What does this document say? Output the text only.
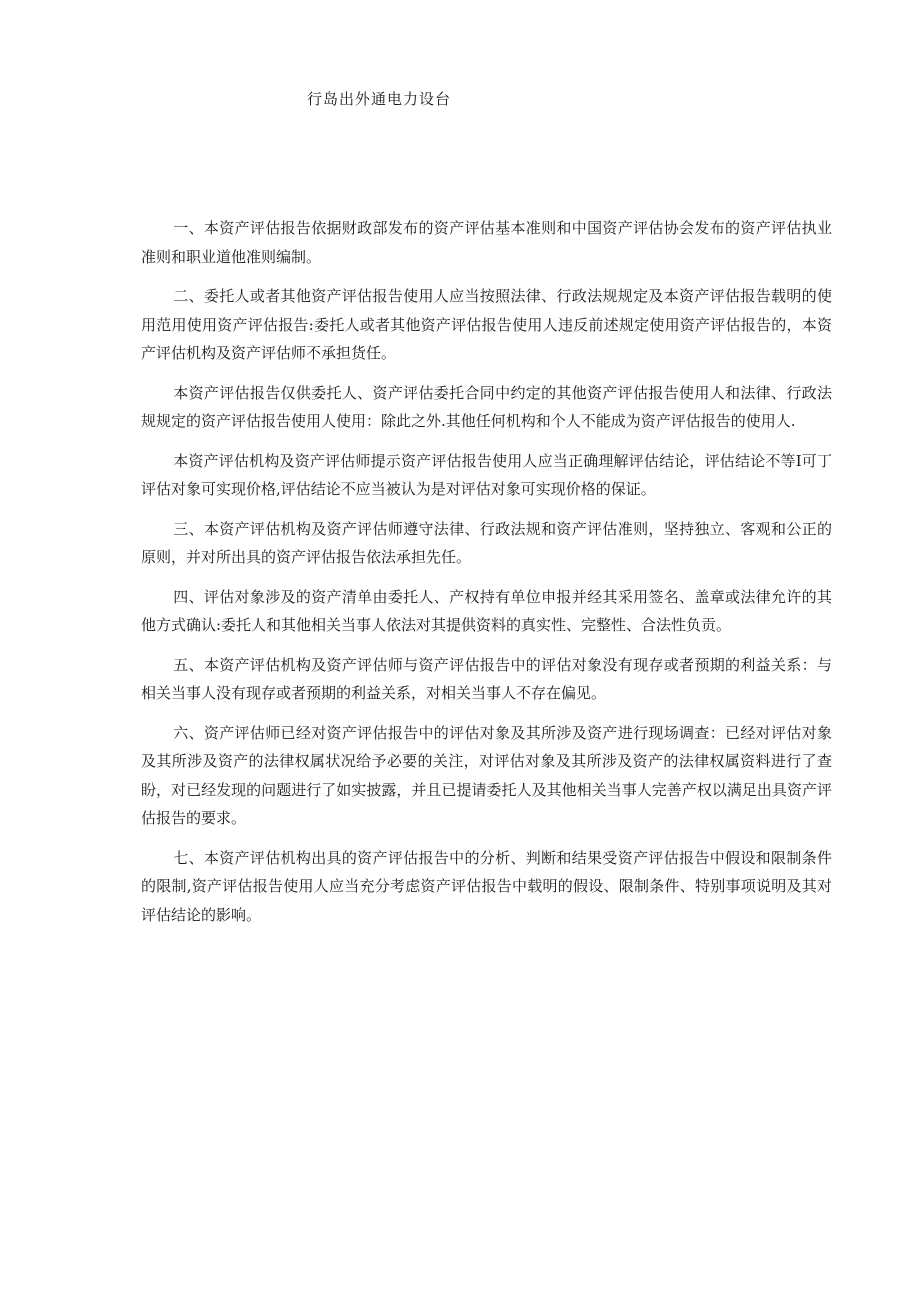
行岛出外通电力设台

一、本资产评估报告依据财政部发布的资产评估基本准则和中国资产评估协会发布的资产评估执业准则和职业道他准则编制。

二、委托人或者其他资产评估报告使用人应当按照法律、行政法规规定及本资产评估报告载明的使用范用使用资产评估报告:委托人或者其他资产评估报告使用人违反前述规定使用资产评估报告的，本资产评估机构及资产评估师不承担货任。

本资产评估报告仅供委托人、资产评估委托合同中约定的其他资产评估报告使用人和法律、行政法规规定的资产评估报告使用人使用：除此之外.其他任何机构和个人不能成为资产评估报告的使用人.

本资产评估机构及资产评估师提示资产评估报告使用人应当正确理解评估结论，评估结论不等I可丁评估对象可实现价格,评估结论不应当被认为是对评估对象可实现价格的保证。

三、本资产评估机构及资产评估师遵守法律、行政法规和资产评估准则，坚持独立、客观和公正的原则，并对所出具的资产评估报告依法承担先任。

四、评估对象涉及的资产清单由委托人、产权持有单位申报并经其采用签名、盖章或法律允许的其他方式确认:委托人和其他相关当事人依法对其提供资料的真实性、完整性、合法性负贡。

五、本资产评估机构及资产评估师与资产评估报告中的评估对象没有现存或者预期的利益关系：与相关当事人没有现存或者预期的利益关系，对相关当事人不存在偏见。

六、资产评估师已经对资产评估报告中的评估对象及其所涉及资产进行现场调查：已经对评估对象及其所涉及资产的法律权属状况给予必要的关注，对评估对象及其所涉及资产的法律权属资料进行了查盼，对已经发现的问题进行了如实披露，并且已提请委托人及其他相关当事人完善产权以满足出具资产评估报告的要求。

七、本资产评估机构出具的资产评估报告中的分析、判断和结果受资产评估报告中假设和限制条件的限制,资产评估报告使用人应当充分考虑资产评估报告中载明的假设、限制条件、特别事项说明及其对评估结论的影响。
